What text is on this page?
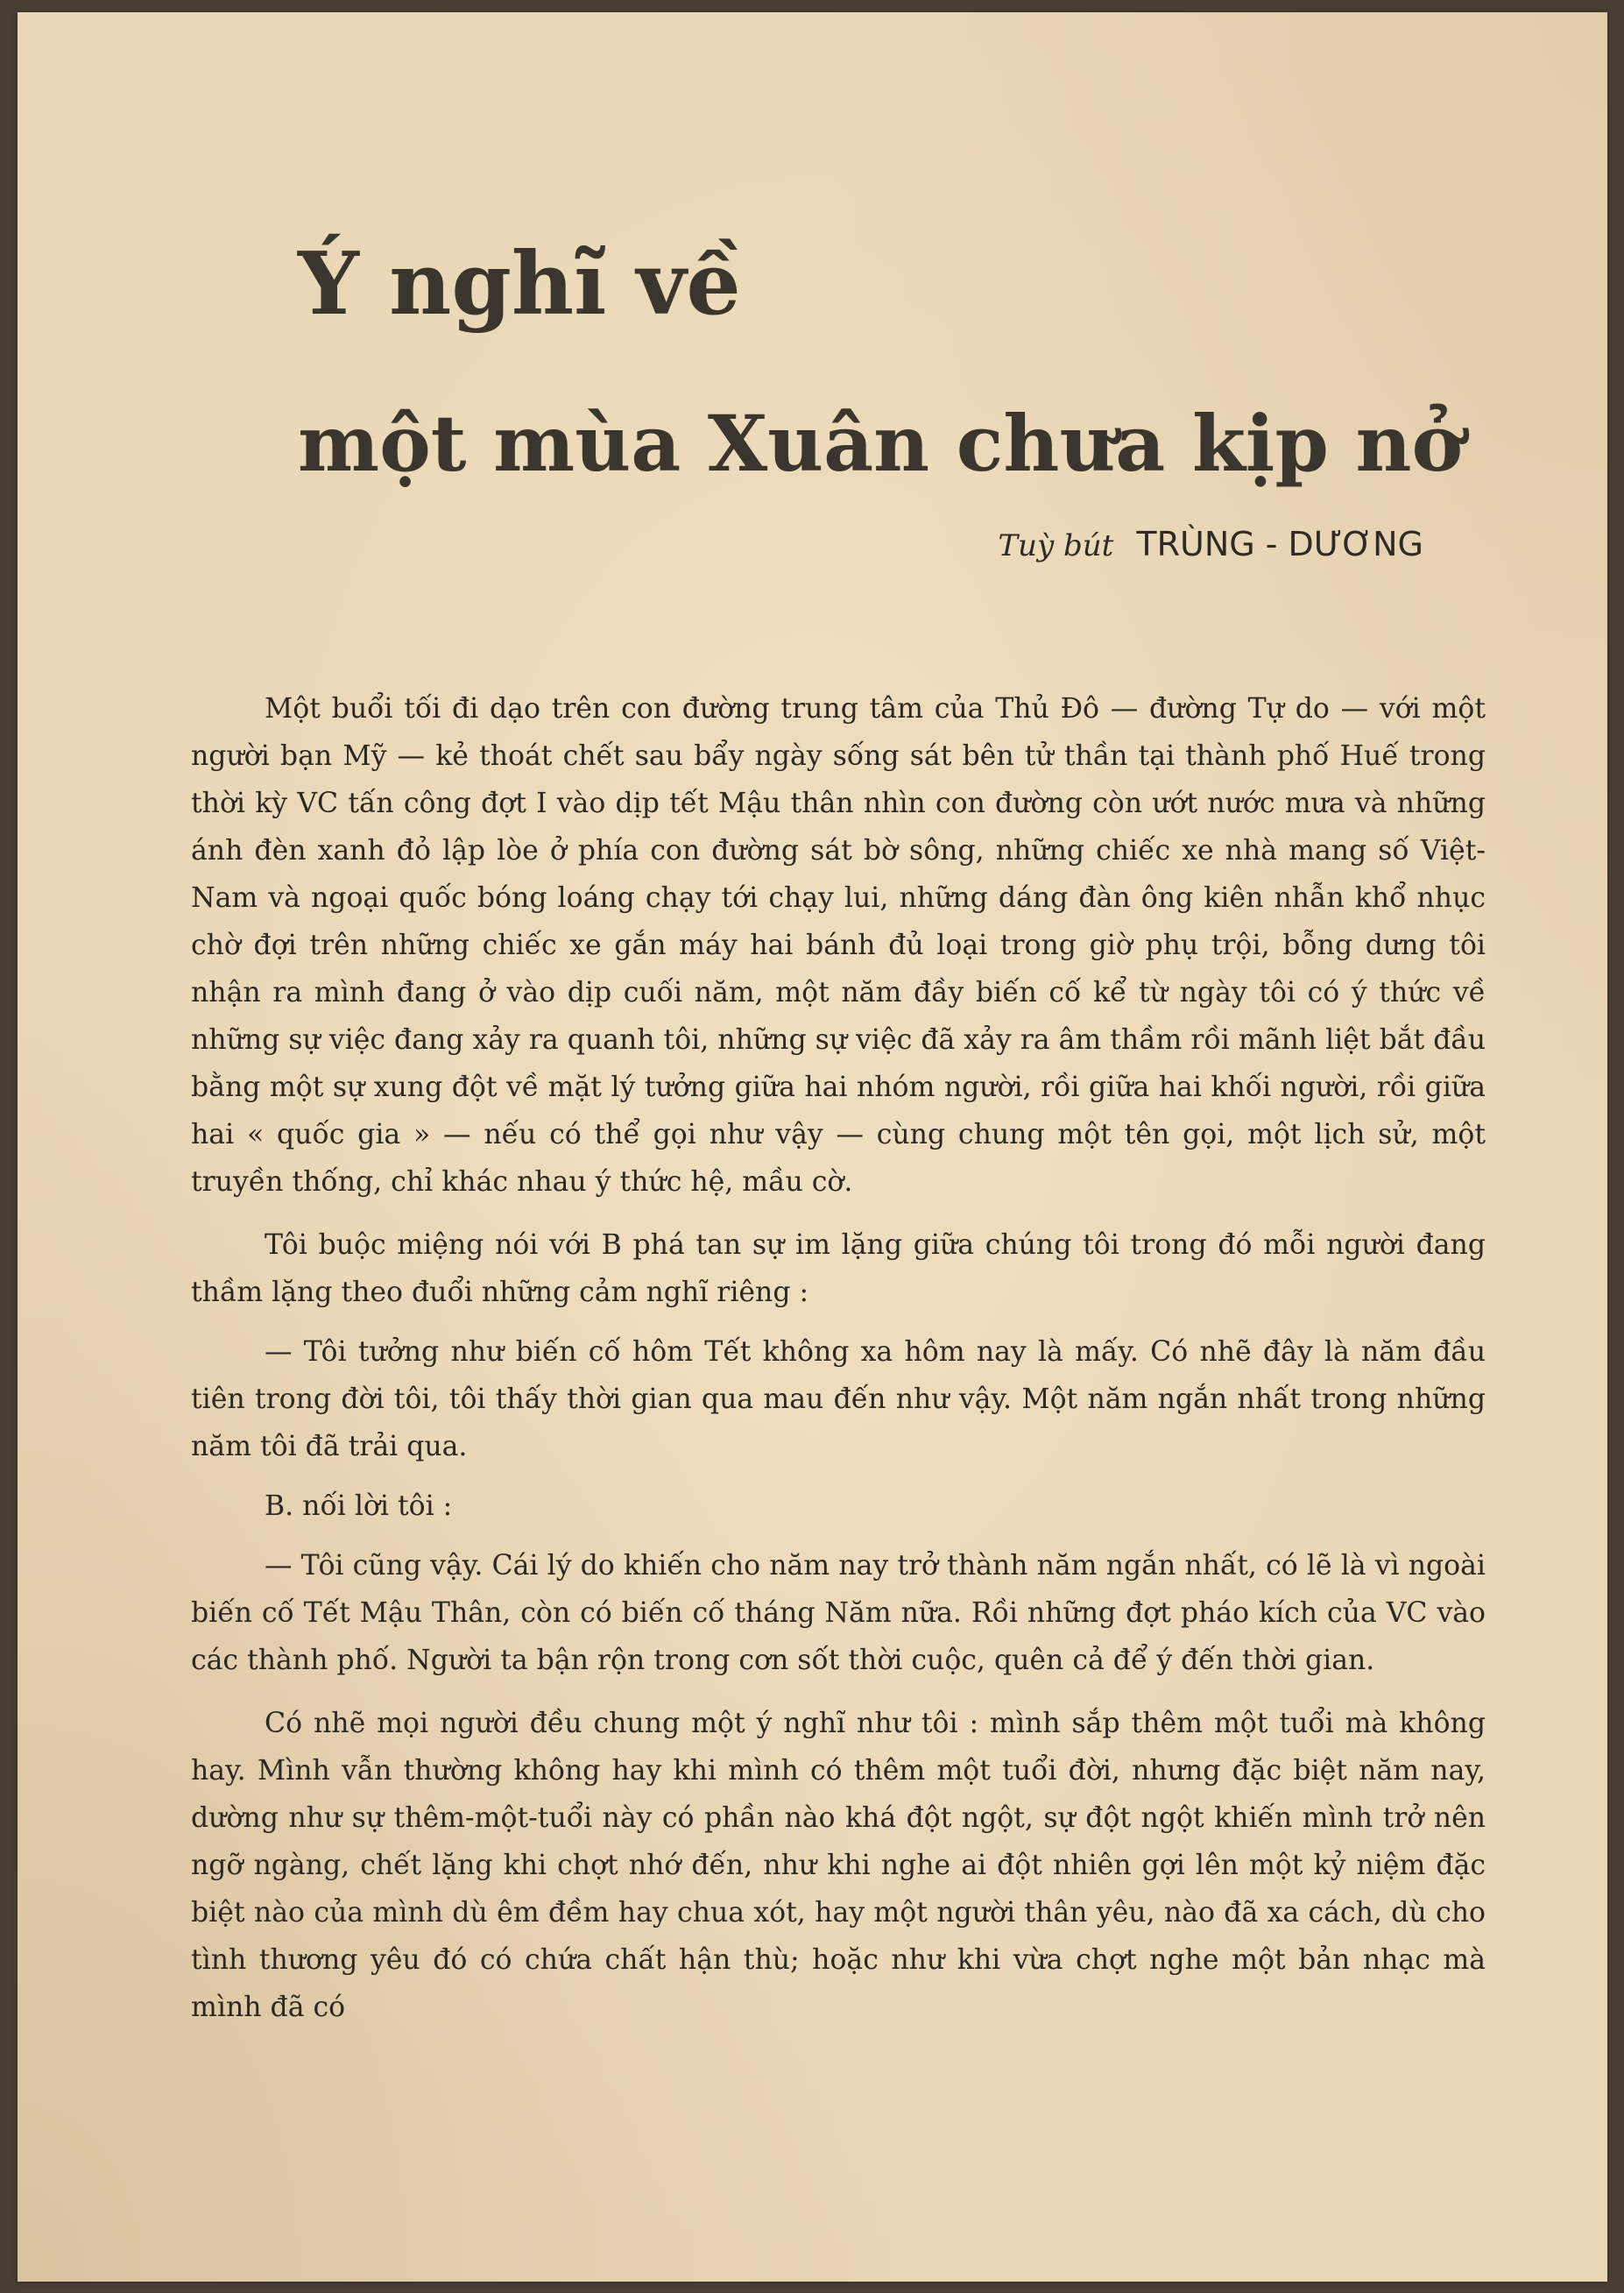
Ý nghĩ về
một mùa Xuân chưa kịp nở
Tuỳ bút TRÙNG - DƯƠNG

Một buổi tối đi dạo trên con đường trung tâm của Thủ Đô — đường Tự do — với một người bạn Mỹ — kẻ thoát chết sau bẩy ngày sống sát bên tử thần tại thành phố Huế trong thời kỳ VC tấn công đợt I vào dịp tết Mậu thân nhìn con đường còn ướt nước mưa và những ánh đèn xanh đỏ lập lòe ở phía con đường sát bờ sông, những chiếc xe nhà mang số Việt-Nam và ngoại quốc bóng loáng chạy tới chạy lui, những dáng đàn ông kiên nhẫn khổ nhục chờ đợi trên những chiếc xe gắn máy hai bánh đủ loại trong giờ phụ trội, bỗng dưng tôi nhận ra mình đang ở vào dịp cuối năm, một năm đầy biến cố kể từ ngày tôi có ý thức về những sự việc đang xảy ra quanh tôi, những sự việc đã xảy ra âm thầm rồi mãnh liệt bắt đầu bằng một sự xung đột về mặt lý tưởng giữa hai nhóm người, rồi giữa hai khối người, rồi giữa hai « quốc gia » — nếu có thể gọi như vậy — cùng chung một tên gọi, một lịch sử, một truyền thống, chỉ khác nhau ý thức hệ, mầu cờ.

Tôi buộc miệng nói với B phá tan sự im lặng giữa chúng tôi trong đó mỗi người đang thầm lặng theo đuổi những cảm nghĩ riêng :

— Tôi tưởng như biến cố hôm Tết không xa hôm nay là mấy. Có nhẽ đây là năm đầu tiên trong đời tôi, tôi thấy thời gian qua mau đến như vậy. Một năm ngắn nhất trong những năm tôi đã trải qua.

B. nối lời tôi :

— Tôi cũng vậy. Cái lý do khiến cho năm nay trở thành năm ngắn nhất, có lẽ là vì ngoài biến cố Tết Mậu Thân, còn có biến cố tháng Năm nữa. Rồi những đợt pháo kích của VC vào các thành phố. Người ta bận rộn trong cơn sốt thời cuộc, quên cả để ý đến thời gian.

Có nhẽ mọi người đều chung một ý nghĩ như tôi : mình sắp thêm một tuổi mà không hay. Mình vẫn thường không hay khi mình có thêm một tuổi đời, nhưng đặc biệt năm nay, dường như sự thêm-một-tuổi này có phần nào khá đột ngột, sự đột ngột khiến mình trở nên ngỡ ngàng, chết lặng khi chợt nhớ đến, như khi nghe ai đột nhiên gợi lên một kỷ niệm đặc biệt nào của mình dù êm đềm hay chua xót, hay một người thân yêu, nào đã xa cách, dù cho tình thương yêu đó có chứa chất hận thù; hoặc như khi vừa chợt nghe một bản nhạc mà mình đã có
